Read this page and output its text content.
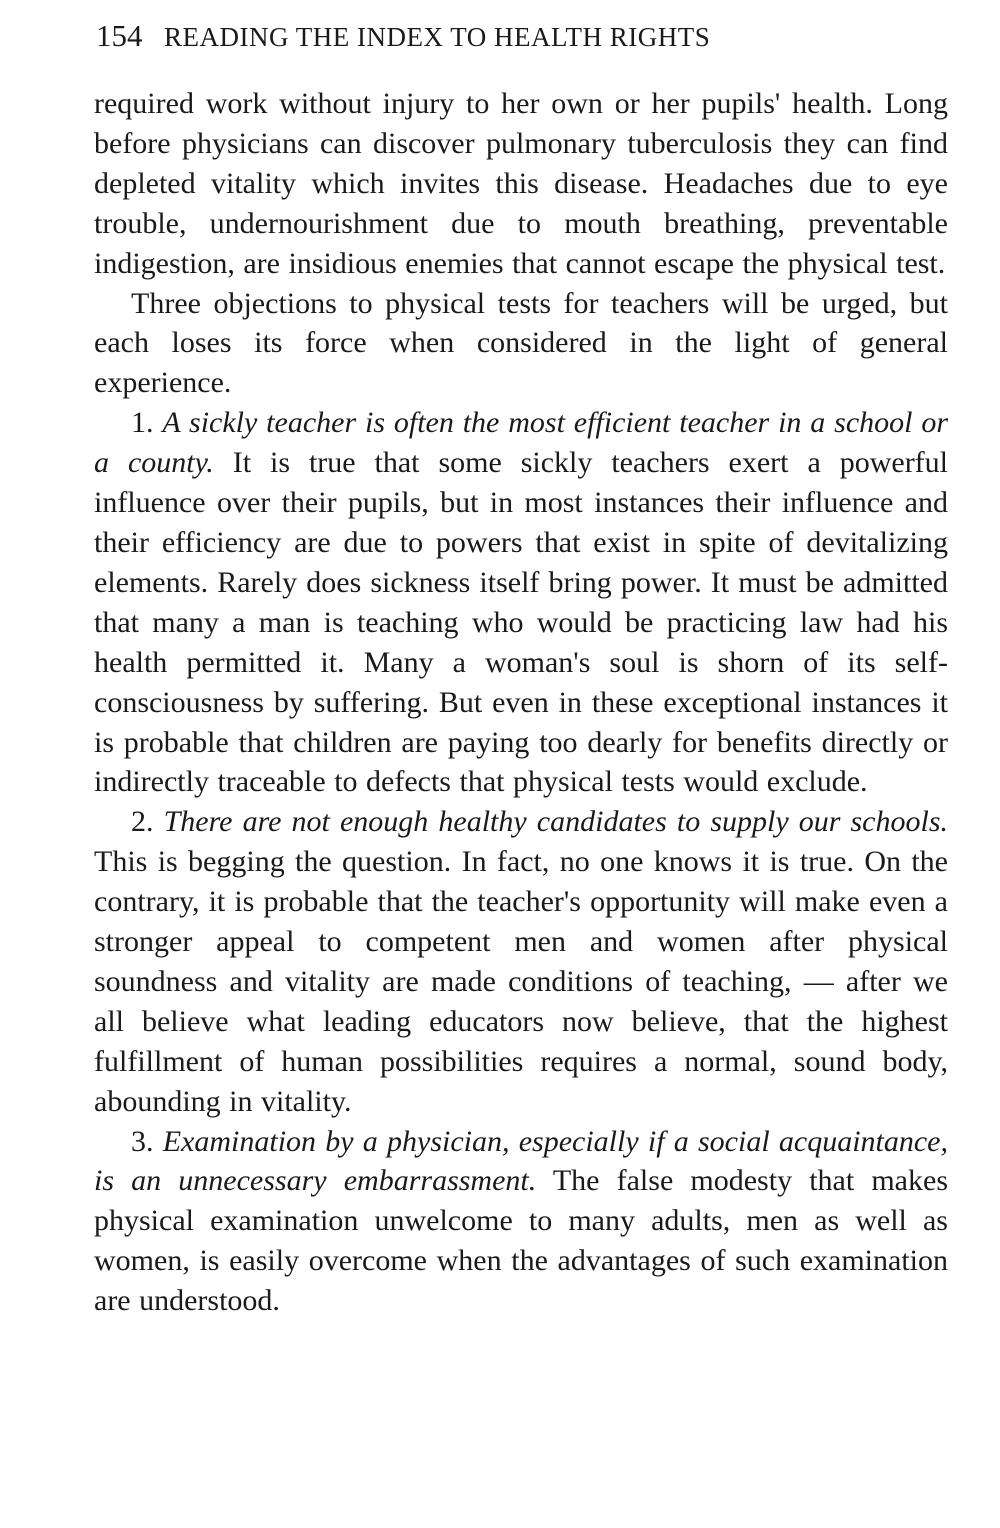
154 READING THE INDEX TO HEALTH RIGHTS

required work without injury to her own or her pupils' health. Long before physicians can discover pulmonary tuberculosis they can find depleted vitality which invites this disease. Headaches due to eye trouble, undernourishment due to mouth breathing, preventable indigestion, are insidious enemies that cannot escape the physical test.

Three objections to physical tests for teachers will be urged, but each loses its force when considered in the light of general experience.

1. A sickly teacher is often the most efficient teacher in a school or a county. It is true that some sickly teachers exert a powerful influence over their pupils, but in most instances their influence and their efficiency are due to powers that exist in spite of devitalizing elements. Rarely does sickness itself bring power. It must be admitted that many a man is teaching who would be practicing law had his health permitted it. Many a woman's soul is shorn of its self-consciousness by suffering. But even in these exceptional instances it is probable that children are paying too dearly for benefits directly or indirectly traceable to defects that physical tests would exclude.

2. There are not enough healthy candidates to supply our schools. This is begging the question. In fact, no one knows it is true. On the contrary, it is probable that the teacher's opportunity will make even a stronger appeal to competent men and women after physical soundness and vitality are made conditions of teaching, — after we all believe what leading educators now believe, that the highest fulfillment of human possibilities requires a normal, sound body, abounding in vitality.

3. Examination by a physician, especially if a social acquaintance, is an unnecessary embarrassment. The false modesty that makes physical examination unwelcome to many adults, men as well as women, is easily overcome when the advantages of such examination are understood.
